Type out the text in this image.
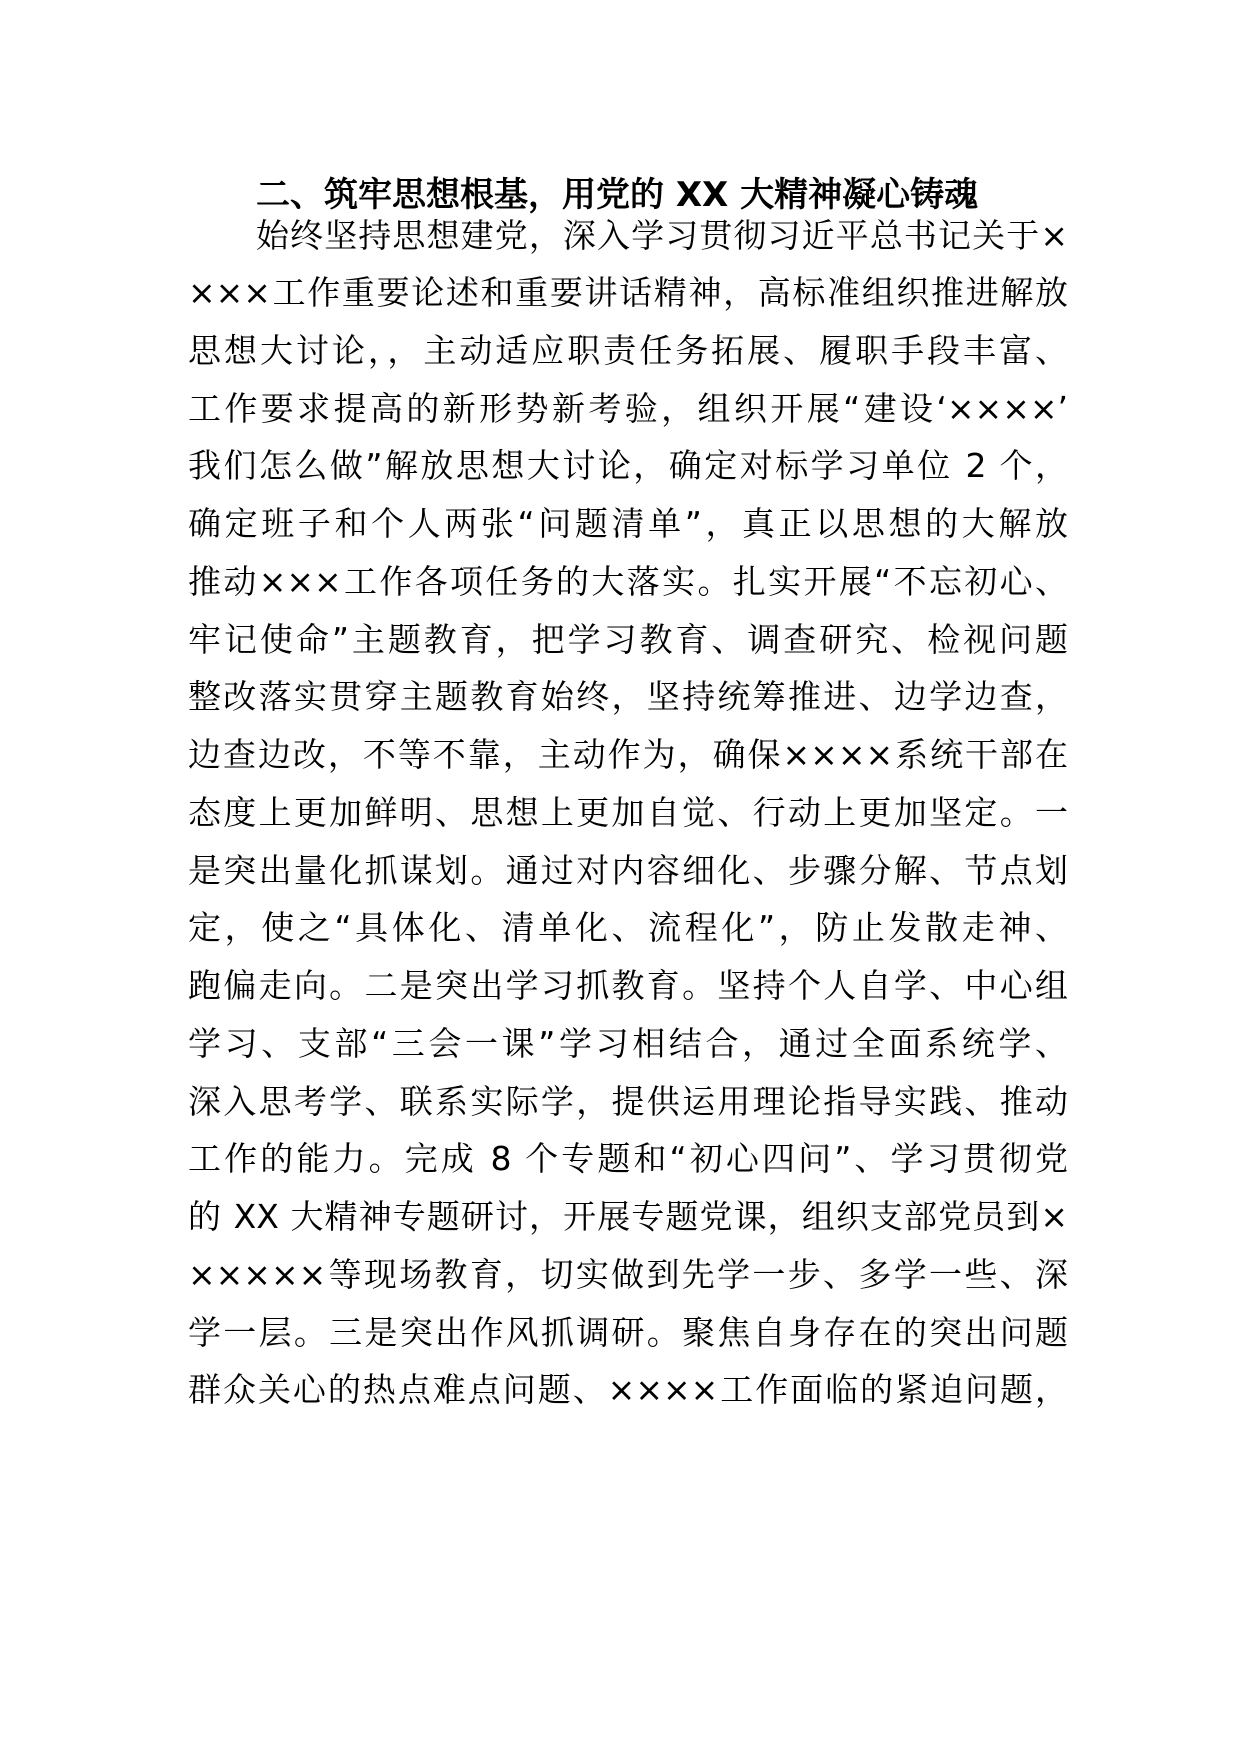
二、筑牢思想根基，用党的 XX 大精神凝心铸魂

始终坚持思想建党，深入学习贯彻习近平总书记关于×

×××工作重要论述和重要讲话精神，高标准组织推进解放

思想大讨论，，主动适应职责任务拓展、履职手段丰富、

工作要求提高的新形势新考验，组织开展“建设‘××××’

我们怎么做”解放思想大讨论，确定对标学习单位 2 个，

确定班子和个人两张“问题清单”，真正以思想的大解放

推动×××工作各项任务的大落实。扎实开展“不忘初心、

牢记使命”主题教育，把学习教育、调查研究、检视问题

整改落实贯穿主题教育始终，坚持统筹推进、边学边查，

边查边改，不等不靠，主动作为，确保××××系统干部在

态度上更加鲜明、思想上更加自觉、行动上更加坚定。一

是突出量化抓谋划。通过对内容细化、步骤分解、节点划

定，使之“具体化、清单化、流程化”，防止发散走神、

跑偏走向。二是突出学习抓教育。坚持个人自学、中心组

学习、支部“三会一课”学习相结合，通过全面系统学、

深入思考学、联系实际学，提供运用理论指导实践、推动

工作的能力。完成 8 个专题和“初心四问”、学习贯彻党

的 XX 大精神专题研讨，开展专题党课，组织支部党员到×

×××××等现场教育，切实做到先学一步、多学一些、深

学一层。三是突出作风抓调研。聚焦自身存在的突出问题

群众关心的热点难点问题、××××工作面临的紧迫问题，
